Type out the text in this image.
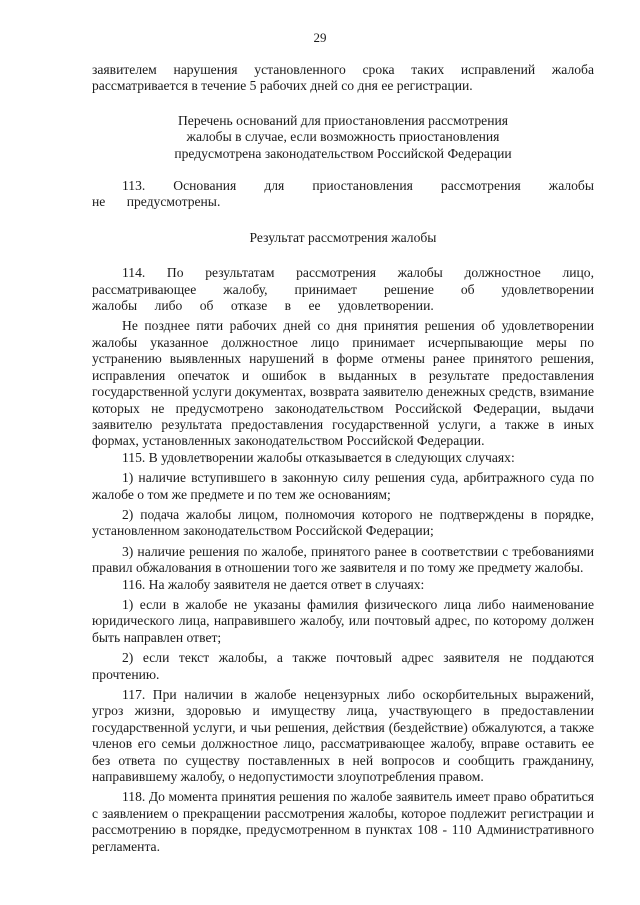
29

заявителем нарушения установленного срока таких исправлений жалоба рассматривается в течение 5 рабочих дней со дня ее регистрации.

Перечень оснований для приостановления рассмотрения
жалобы в случае, если возможность приостановления
предусмотрена законодательством Российской Федерации

113. Основания для приостановления рассмотрения жалобы не предусмотрены.

Результат рассмотрения жалобы

114. По результатам рассмотрения жалобы должностное лицо, рассматривающее жалобу, принимает решение об удовлетворении жалобы либо об отказе в ее удовлетворении.

Не позднее пяти рабочих дней со дня принятия решения об удовлетворении жалобы указанное должностное лицо принимает исчерпывающие меры по устранению выявленных нарушений в форме отмены ранее принятого решения, исправления опечаток и ошибок в выданных в результате предоставления государственной услуги документах, возврата заявителю денежных средств, взимание которых не предусмотрено законодательством Российской Федерации, выдачи заявителю результата предоставления государственной услуги, а также в иных формах, установленных законодательством Российской Федерации.

115. В удовлетворении жалобы отказывается в следующих случаях:

1) наличие вступившего в законную силу решения суда, арбитражного суда по жалобе о том же предмете и по тем же основаниям;

2) подача жалобы лицом, полномочия которого не подтверждены в порядке, установленном законодательством Российской Федерации;

3) наличие решения по жалобе, принятого ранее в соответствии с требованиями правил обжалования в отношении того же заявителя и по тому же предмету жалобы.

116. На жалобу заявителя не дается ответ в случаях:

1) если в жалобе не указаны фамилия физического лица либо наименование юридического лица, направившего жалобу, или почтовый адрес, по которому должен быть направлен ответ;

2) если текст жалобы, а также почтовый адрес заявителя не поддаются прочтению.

117. При наличии в жалобе нецензурных либо оскорбительных выражений, угроз жизни, здоровью и имуществу лица, участвующего в предоставлении государственной услуги, и чьи решения, действия (бездействие) обжалуются, а также членов его семьи должностное лицо, рассматривающее жалобу, вправе оставить ее без ответа по существу поставленных в ней вопросов и сообщить гражданину, направившему жалобу, о недопустимости злоупотребления правом.

118. До момента принятия решения по жалобе заявитель имеет право обратиться с заявлением о прекращении рассмотрения жалобы, которое подлежит регистрации и рассмотрению в порядке, предусмотренном в пунктах 108 - 110 Административного регламента.
